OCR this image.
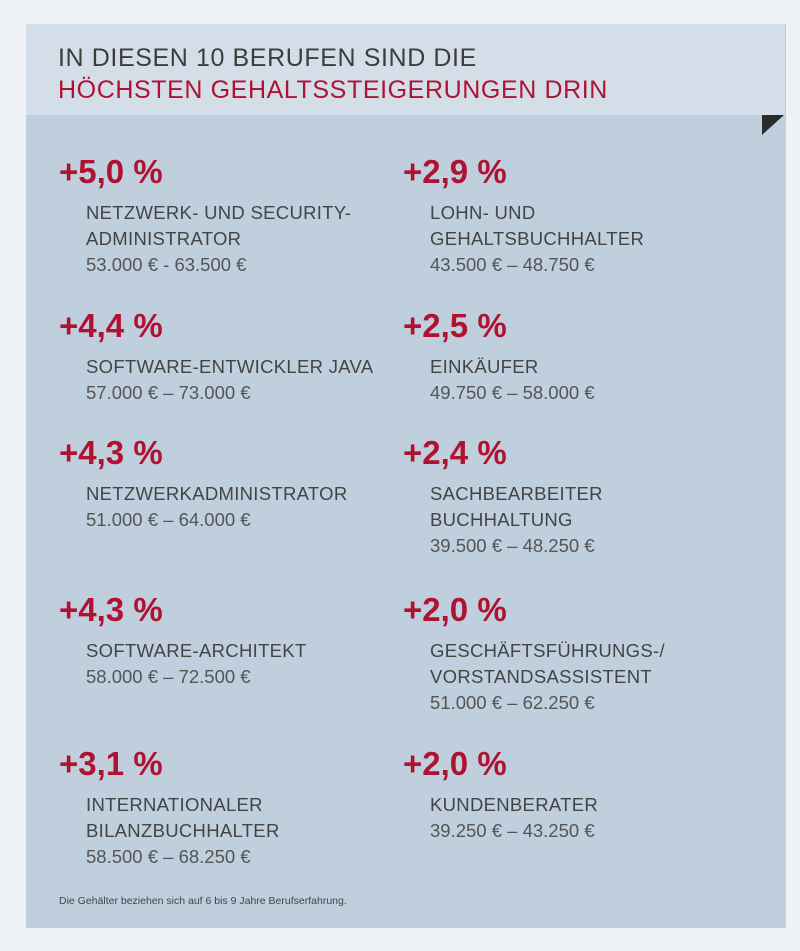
IN DIESEN 10 BERUFEN SIND DIE
HÖCHSTEN GEHALTSSTEIGERUNGEN DRIN
+5,0 %
NETZWERK- UND SECURITY-
ADMINISTRATOR
53.000 € - 63.500 €
+2,9 %
LOHN- UND
GEHALTSBUCHHALTER
43.500 € – 48.750 €
+4,4 %
SOFTWARE-ENTWICKLER JAVA
57.000 € – 73.000 €
+2,5 %
EINKÄUFER
49.750 € – 58.000 €
+4,3 %
NETZWERKADMINISTRATOR
51.000 € – 64.000 €
+2,4 %
SACHBEARBEITER
BUCHHALTUNG
39.500 € – 48.250 €
+4,3 %
SOFTWARE-ARCHITEKT
58.000 € – 72.500 €
+2,0 %
GESCHÄFTSFÜHRUNGS-/
VORSTANDSASSISTENT
51.000 € – 62.250 €
+3,1 %
INTERNATIONALER
BILANZBUCHHALTER
58.500 € – 68.250 €
+2,0 %
KUNDENBERATER
39.250 € – 43.250 €
Die Gehälter beziehen sich auf 6 bis 9 Jahre Berufserfahrung.
